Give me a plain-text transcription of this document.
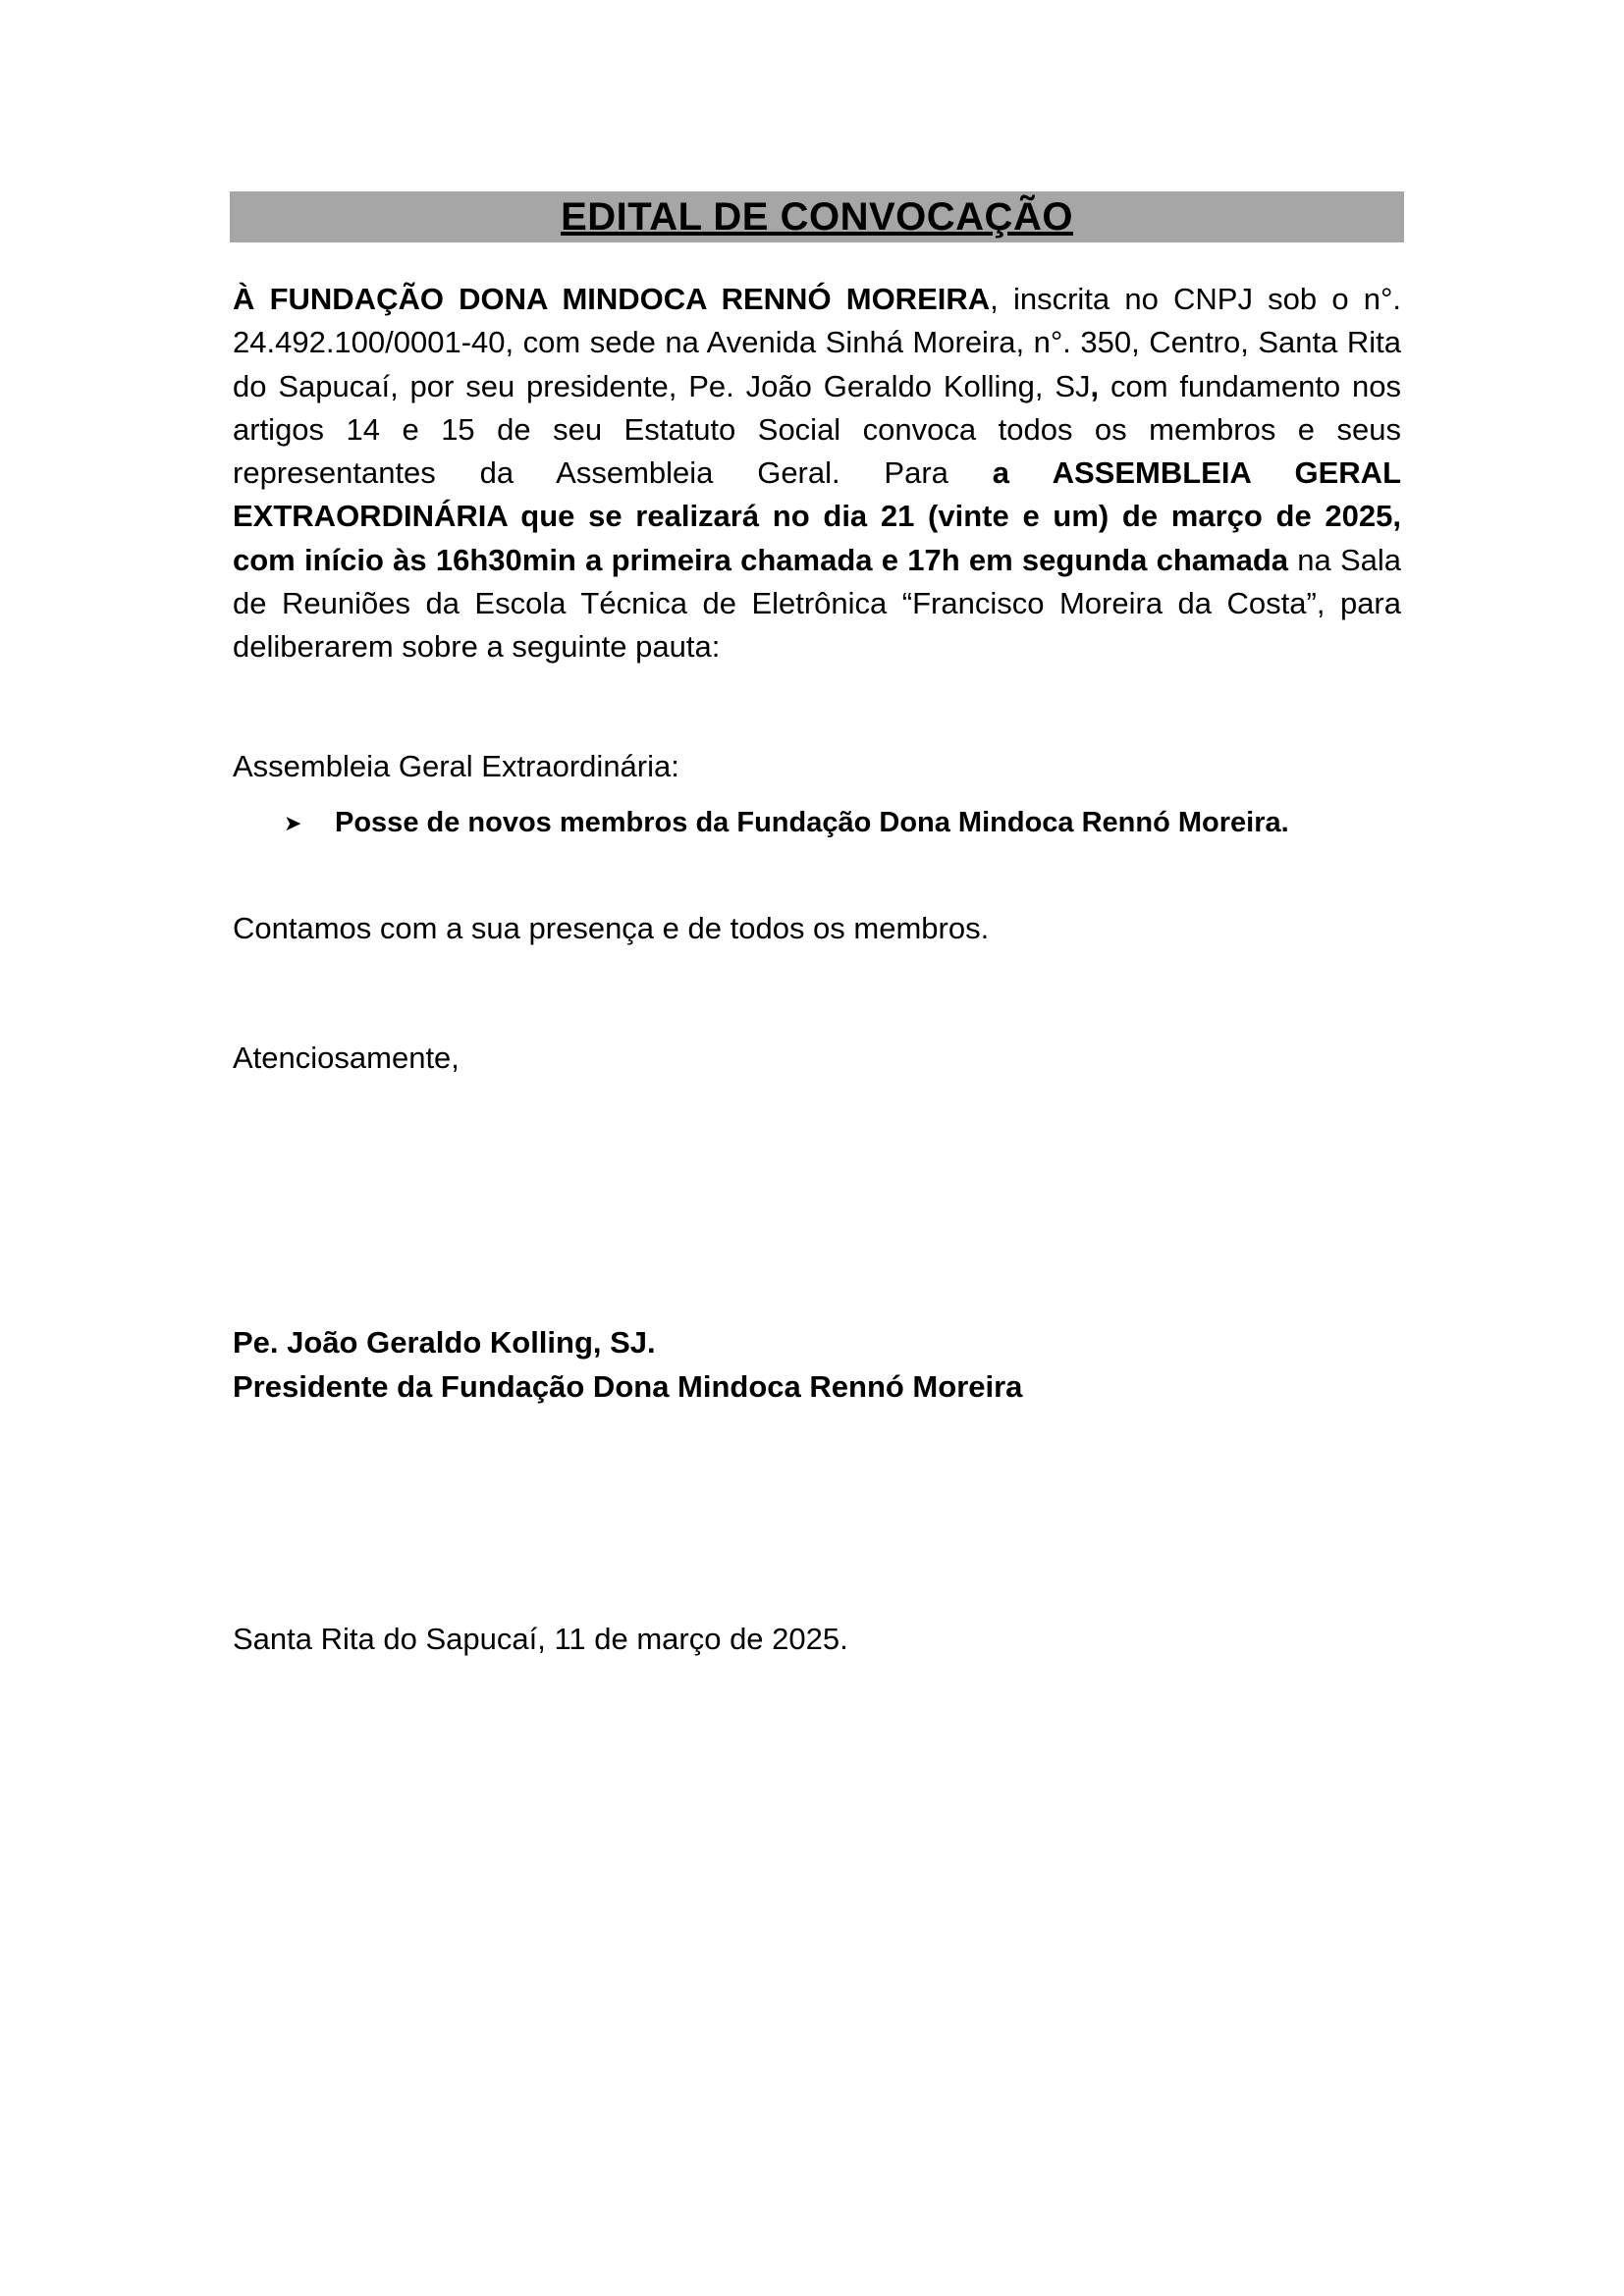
EDITAL DE CONVOCAÇÃO

À FUNDAÇÃO DONA MINDOCA RENNÓ MOREIRA, inscrita no CNPJ sob o n°. 24.492.100/0001-40, com sede na Avenida Sinhá Moreira, n°. 350, Centro, Santa Rita do Sapucaí, por seu presidente, Pe. João Geraldo Kolling, SJ, com fundamento nos artigos 14 e 15 de seu Estatuto Social convoca todos os membros e seus representantes da Assembleia Geral. Para a ASSEMBLEIA GERAL EXTRAORDINÁRIA que se realizará no dia 21 (vinte e um) de março de 2025, com início às 16h30min a primeira chamada e 17h em segunda chamada na Sala de Reuniões da Escola Técnica de Eletrônica “Francisco Moreira da Costa”, para deliberarem sobre a seguinte pauta:

Assembleia Geral Extraordinária:

➤ Posse de novos membros da Fundação Dona Mindoca Rennó Moreira.

Contamos com a sua presença e de todos os membros.

Atenciosamente,

Pe. João Geraldo Kolling, SJ.

Presidente da Fundação Dona Mindoca Rennó Moreira

Santa Rita do Sapucaí, 11 de março de 2025.
